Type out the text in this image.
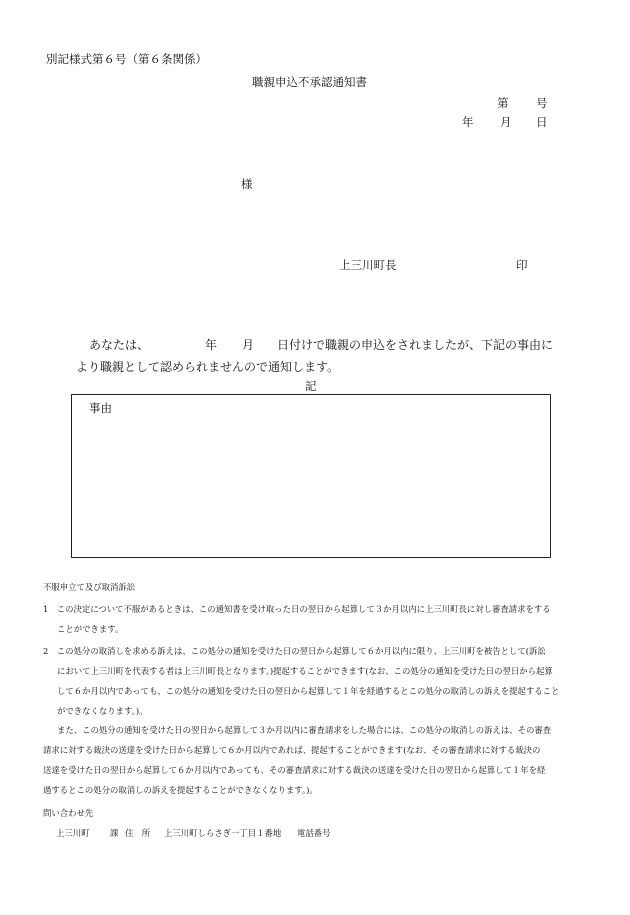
別記様式第６号（第６条関係）
職親申込不承認通知書
第 号
年 月 日
様
上三川町長	印
あなたは、	年 月 日付けで職親の申込をされましたが、下記の事由に
より職親として認められませんので通知します。
記
事由
不服申立て及び取消訴訟

1　この決定について不服があるときは、この通知書を受け取った日の翌日から起算して３か月以内に上三川町長に対し審査請求をする

ことができます。

2　この処分の取消しを求める訴えは、この処分の通知を受けた日の翌日から起算して６か月以内に限り、上三川町を被告として(訴訟

において上三川町を代表する者は上三川町長となります。)提起することができます(なお、この処分の通知を受けた日の翌日から起算

して６か月以内であっても、この処分の通知を受けた日の翌日から起算して１年を経過するとこの処分の取消しの訴えを提起すること

ができなくなります。)。

また、この処分の通知を受けた日の翌日から起算して３か月以内に審査請求をした場合には、この処分の取消しの訴えは、その審査

請求に対する裁決の送達を受けた日から起算して６か月以内であれば、提起することができます(なお、その審査請求に対する裁決の

送達を受けた日の翌日から起算して６か月以内であっても、その審査請求に対する裁決の送達を受けた日の翌日から起算して１年を経

過するとこの処分の取消しの訴えを提起することができなくなります。)。

問い合わせ先
上三川町 課 住　所 上三川町しらさぎ一丁目１番地 電話番号
